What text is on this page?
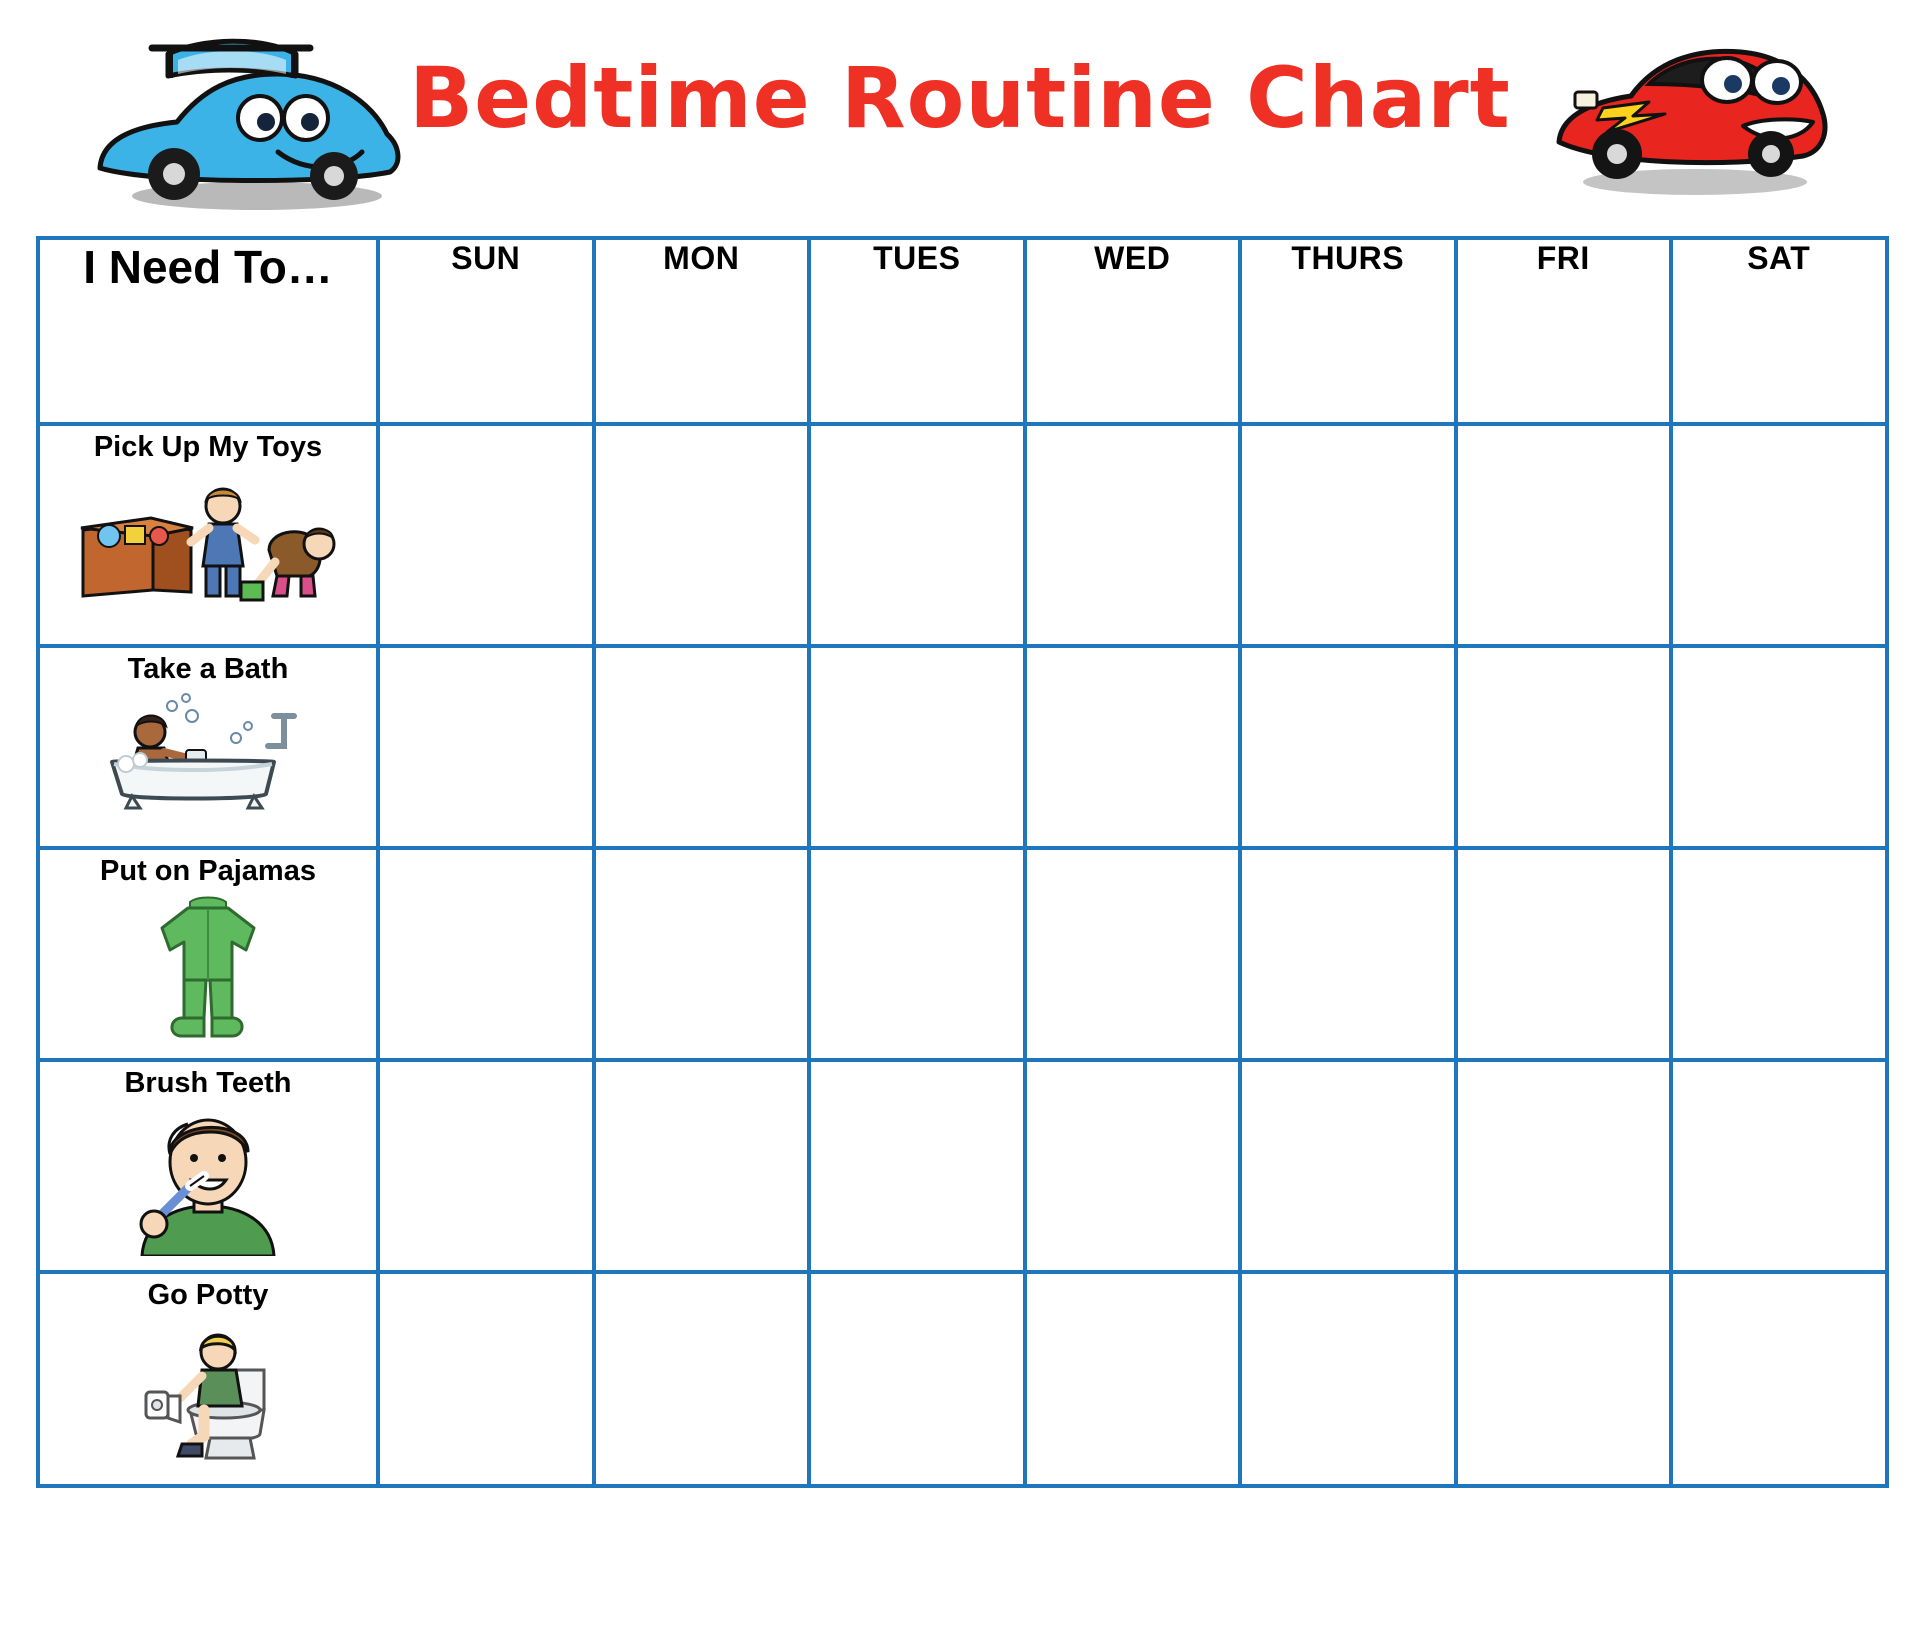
Bedtime Routine Chart
I Need To…	SUN	MON	TUES	WED	THURS	FRI	SAT

Pick Up My Toys							

Take a Bath							

Put on Pajamas							

Brush Teeth							

Go Potty							
